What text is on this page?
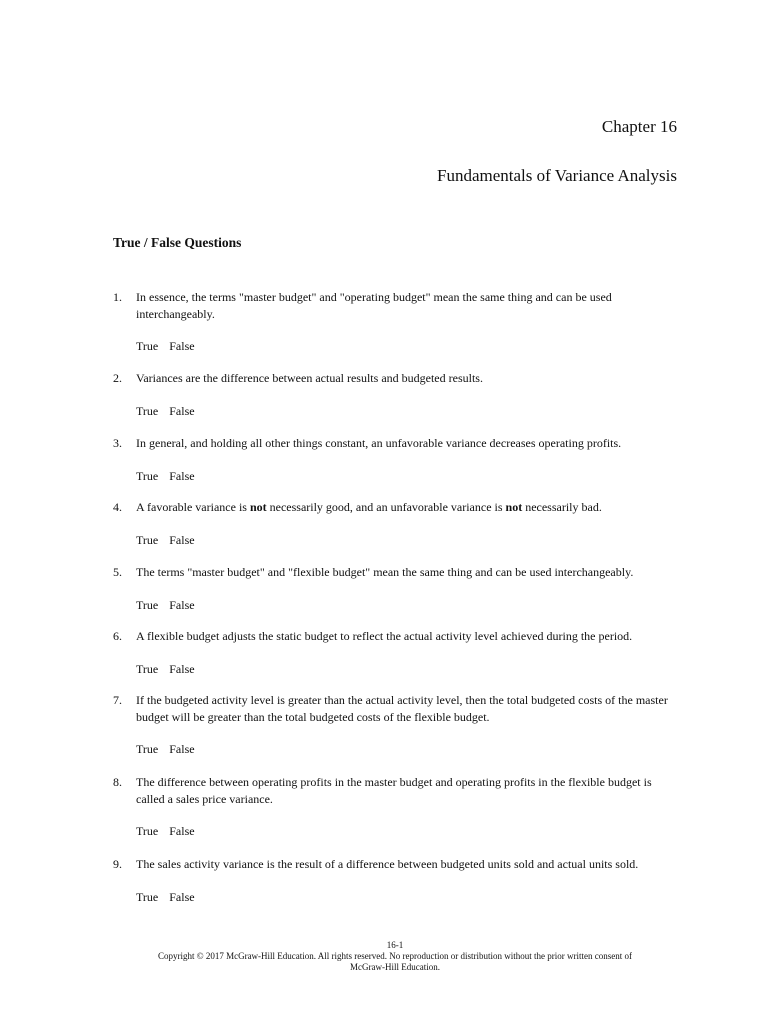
Chapter 16
Fundamentals of Variance Analysis
True / False Questions
1.	In essence, the terms "master budget" and "operating budget" mean the same thing and can be used interchangeably.
True False
2.	Variances are the difference between actual results and budgeted results.
True False
3.	In general, and holding all other things constant, an unfavorable variance decreases operating profits.
True False
4.	A favorable variance is not necessarily good, and an unfavorable variance is not necessarily bad.
True False
5.	The terms "master budget" and "flexible budget" mean the same thing and can be used interchangeably.
True False
6.	A flexible budget adjusts the static budget to reflect the actual activity level achieved during the period.
True False
7.	If the budgeted activity level is greater than the actual activity level, then the total budgeted costs of the master budget will be greater than the total budgeted costs of the flexible budget.
True False
8.	The difference between operating profits in the master budget and operating profits in the flexible budget is called a sales price variance.
True False
9.	The sales activity variance is the result of a difference between budgeted units sold and actual units sold.
True False
16-1
Copyright © 2017 McGraw-Hill Education. All rights reserved. No reproduction or distribution without the prior written consent of
McGraw-Hill Education.
